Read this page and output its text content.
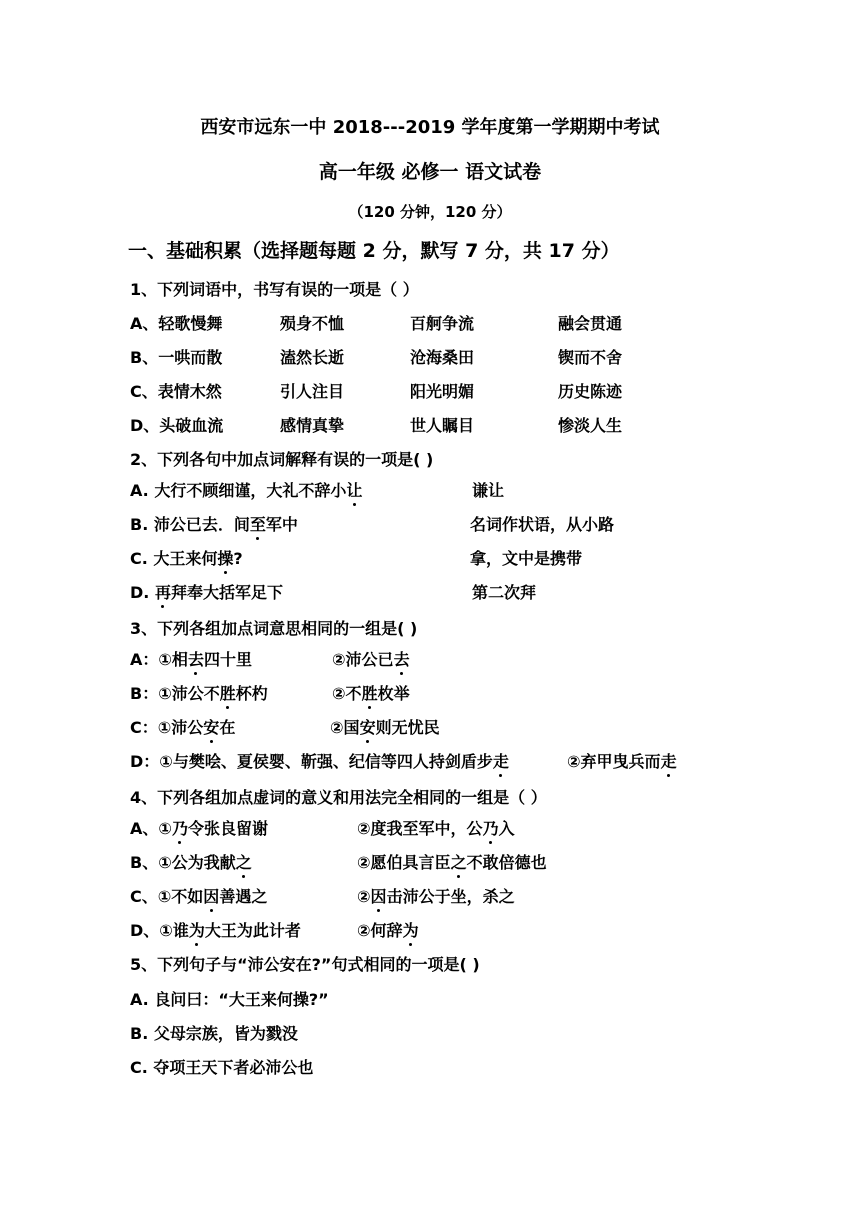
西安市远东一中 2018---2019 学年度第一学期期中考试
高一年级 必修一 语文试卷
（120 分钟，120 分）
一、基础积累（选择题每题 2 分，默写 7 分，共 17 分）
1、下列词语中，书写有误的一项是（ ）
A、轻歌慢舞	殒身不恤	百舸争流	融会贯通
B、一哄而散	溘然长逝	沧海桑田	锲而不舍
C、表情木然	引人注目	阳光明媚	历史陈迹
D、头破血流	感情真挚	世人瞩目	惨淡人生
2、下列各句中加点词解释有误的一项是( )
A. 大行不顾细谨，大礼不辞小让	谦让
B. 沛公已去．间至军中	名词作状语，从小路
C. 大王来何操?	拿，文中是携带
D. 再拜奉大括军足下	第二次拜
3、下列各组加点词意思相同的一组是( )
A：①相去四十里	②沛公已去
B：①沛公不胜杯杓	②不胜枚举
C：①沛公安在	②国安则无忧民
D：①与樊哙、夏侯婴、靳强、纪信等四人持剑盾步走	②弃甲曳兵而走
4、下列各组加点虚词的意义和用法完全相同的一组是（ ）
A、①乃令张良留谢	②度我至军中，公乃入
B、①公为我献之	②愿伯具言臣之不敢倍德也
C、①不如因善遇之	②因击沛公于坐，杀之
D、①谁为大王为此计者	②何辞为
5、下列句子与“沛公安在?”句式相同的一项是( )
A. 良问曰：“大王来何操?”
B. 父母宗族，皆为戮没
C. 夺项王天下者必沛公也
